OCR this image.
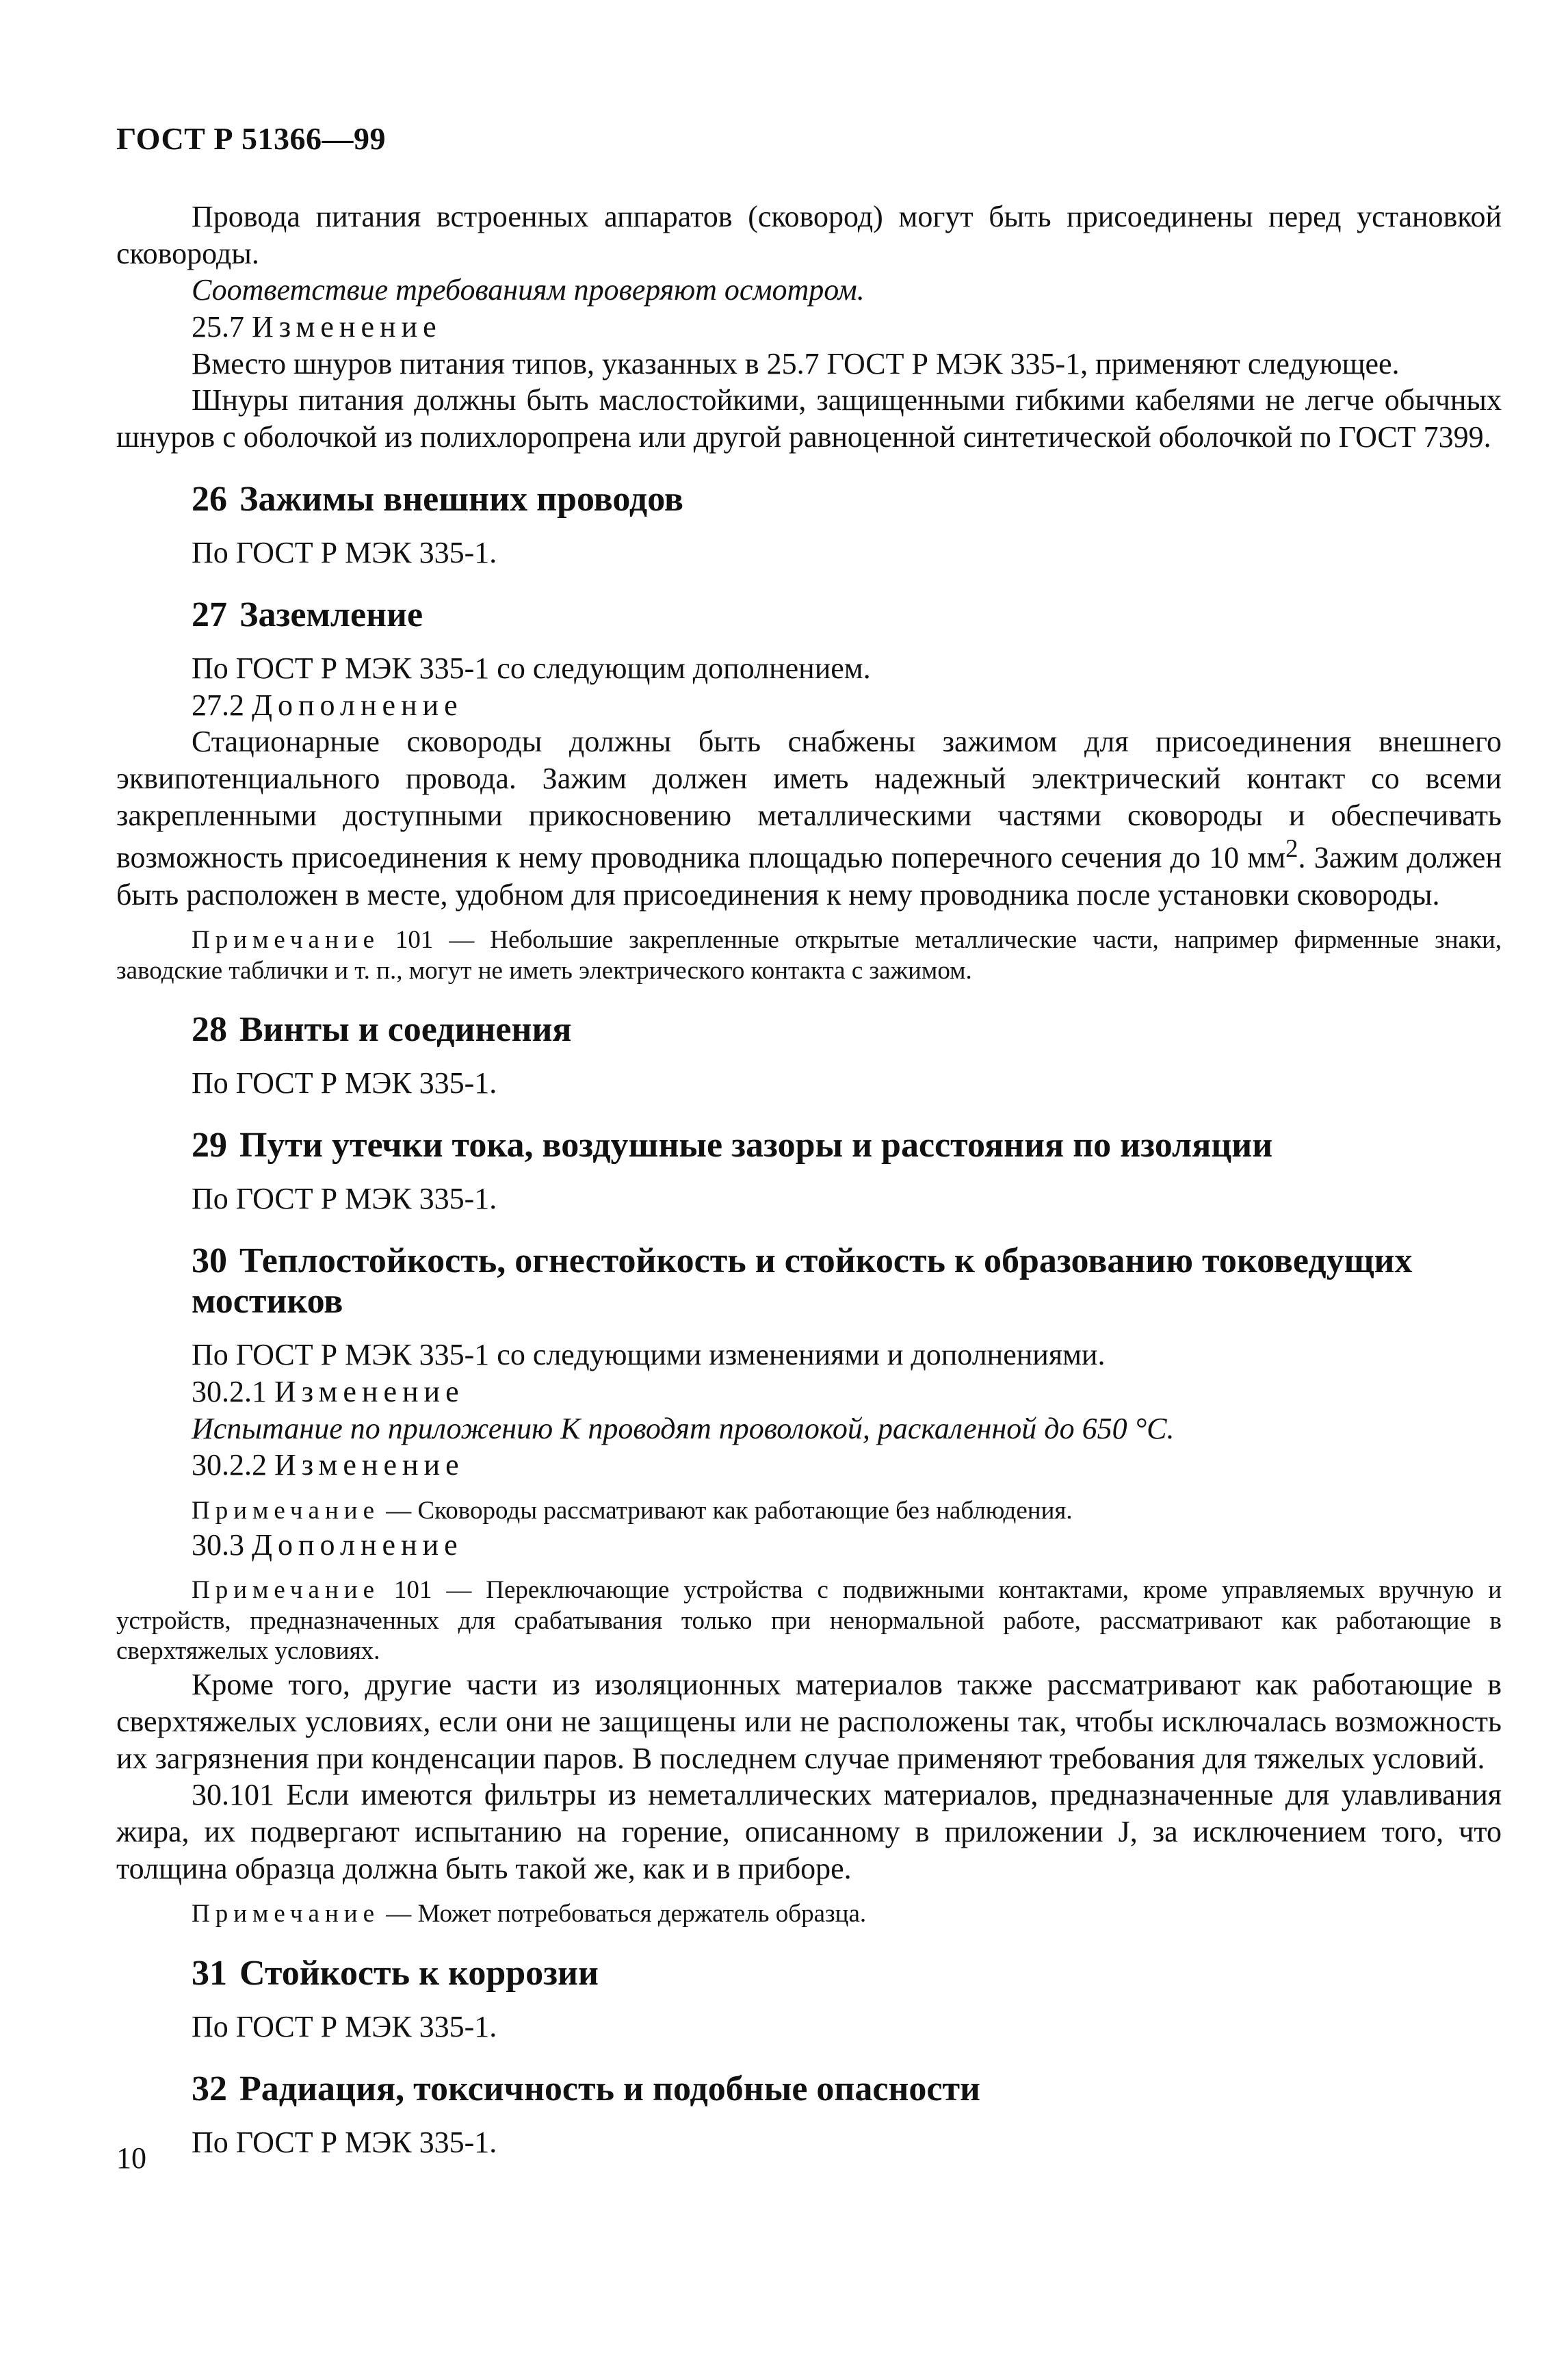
ГОСТ Р 51366—99

Провода питания встроенных аппаратов (сковород) могут быть присоединены перед установкой сковороды.

Соответствие требованиям проверяют осмотром.

25.7 Изменение

Вместо шнуров питания типов, указанных в 25.7 ГОСТ Р МЭК 335-1, применяют следующее.

Шнуры питания должны быть маслостойкими, защищенными гибкими кабелями не легче обычных шнуров с оболочкой из полихлоропрена или другой равноценной синтетической оболочкой по ГОСТ 7399.

26 Зажимы внешних проводов

По ГОСТ Р МЭК 335-1.

27 Заземление

По ГОСТ Р МЭК 335-1 со следующим дополнением.

27.2 Дополнение

Стационарные сковороды должны быть снабжены зажимом для присоединения внешнего эквипотенциального провода. Зажим должен иметь надежный электрический контакт со всеми закрепленными доступными прикосновению металлическими частями сковороды и обеспечивать возможность присоединения к нему проводника площадью поперечного сечения до 10 $мм^2$. Зажим должен быть расположен в месте, удобном для присоединения к нему проводника после установки сковороды.

Примечание 101 — Небольшие закрепленные открытые металлические части, например фирменные знаки, заводские таблички и т. п., могут не иметь электрического контакта с зажимом.

28 Винты и соединения

По ГОСТ Р МЭК 335-1.

29 Пути утечки тока, воздушные зазоры и расстояния по изоляции

По ГОСТ Р МЭК 335-1.

30 Теплостойкость, огнестойкость и стойкость к образованию токоведущих мостиков

По ГОСТ Р МЭК 335-1 со следующими изменениями и дополнениями.

30.2.1 Изменение

Испытание по приложению К проводят проволокой, раскаленной до 650 °С.

30.2.2 Изменение

Примечание — Сковороды рассматривают как работающие без наблюдения.

30.3 Дополнение

Примечание 101 — Переключающие устройства с подвижными контактами, кроме управляемых вручную и устройств, предназначенных для срабатывания только при ненормальной работе, рассматривают как работающие в сверхтяжелых условиях.

Кроме того, другие части из изоляционных материалов также рассматривают как работающие в сверхтяжелых условиях, если они не защищены или не расположены так, чтобы исключалась возможность их загрязнения при конденсации паров. В последнем случае применяют требования для тяжелых условий.

30.101 Если имеются фильтры из неметаллических материалов, предназначенные для улавливания жира, их подвергают испытанию на горение, описанному в приложении J, за исключением того, что толщина образца должна быть такой же, как и в приборе.

Примечание — Может потребоваться держатель образца.

31 Стойкость к коррозии

По ГОСТ Р МЭК 335-1.

32 Радиация, токсичность и подобные опасности

По ГОСТ Р МЭК 335-1.

10
